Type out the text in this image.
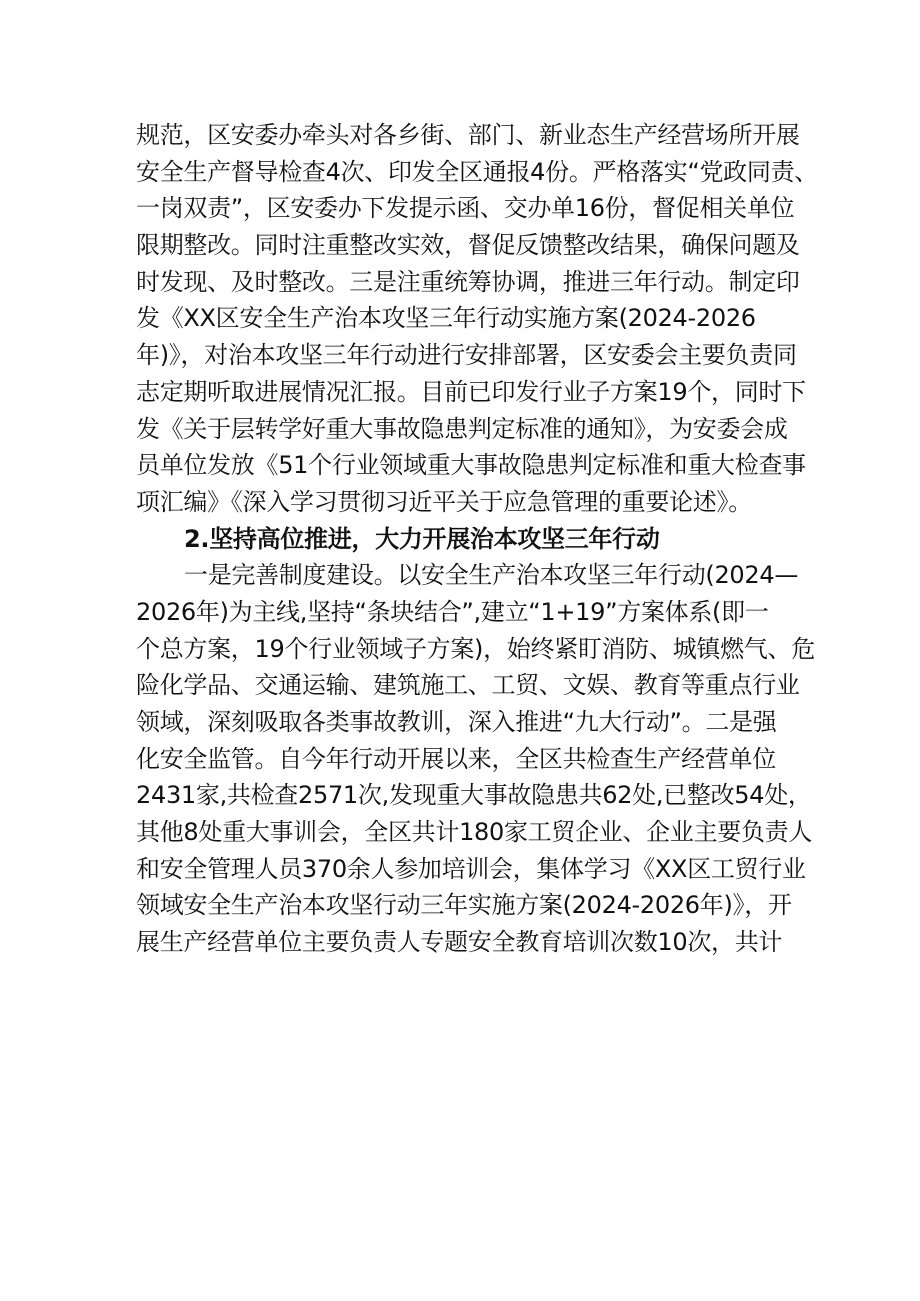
规范，区安委办牵头对各乡街、部门、新业态生产经营场所开展
安全生产督导检查4次、印发全区通报4份。严格落实“党政同责、
一岗双责”，区安委办下发提示函、交办单16份，督促相关单位
限期整改。同时注重整改实效，督促反馈整改结果，确保问题及
时发现、及时整改。三是注重统筹协调，推进三年行动。制定印
发《XX区安全生产治本攻坚三年行动实施方案(2024-2026
年)》，对治本攻坚三年行动进行安排部署，区安委会主要负责同
志定期听取进展情况汇报。目前已印发行业子方案19个，同时下
发《关于层转学好重大事故隐患判定标准的通知》，为安委会成
员单位发放《51个行业领域重大事故隐患判定标准和重大检查事
项汇编》《深入学习贯彻习近平关于应急管理的重要论述》。
2.坚持高位推进，大力开展治本攻坚三年行动
一是完善制度建设。以安全生产治本攻坚三年行动(2024—
2026年)为主线,坚持“条块结合”,建立“1+19”方案体系(即一
个总方案，19个行业领域子方案)，始终紧盯消防、城镇燃气、危
险化学品、交通运输、建筑施工、工贸、文娱、教育等重点行业
领域，深刻吸取各类事故教训，深入推进“九大行动”。二是强
化安全监管。自今年行动开展以来，全区共检查生产经营单位
2431家,共检查2571次,发现重大事故隐患共62处,已整改54处，
其他8处重大事训会，全区共计180家工贸企业、企业主要负责人
和安全管理人员370余人参加培训会，集体学习《XX区工贸行业
领域安全生产治本攻坚行动三年实施方案(2024-2026年)》，开
展生产经营单位主要负责人专题安全教育培训次数10次，共计
